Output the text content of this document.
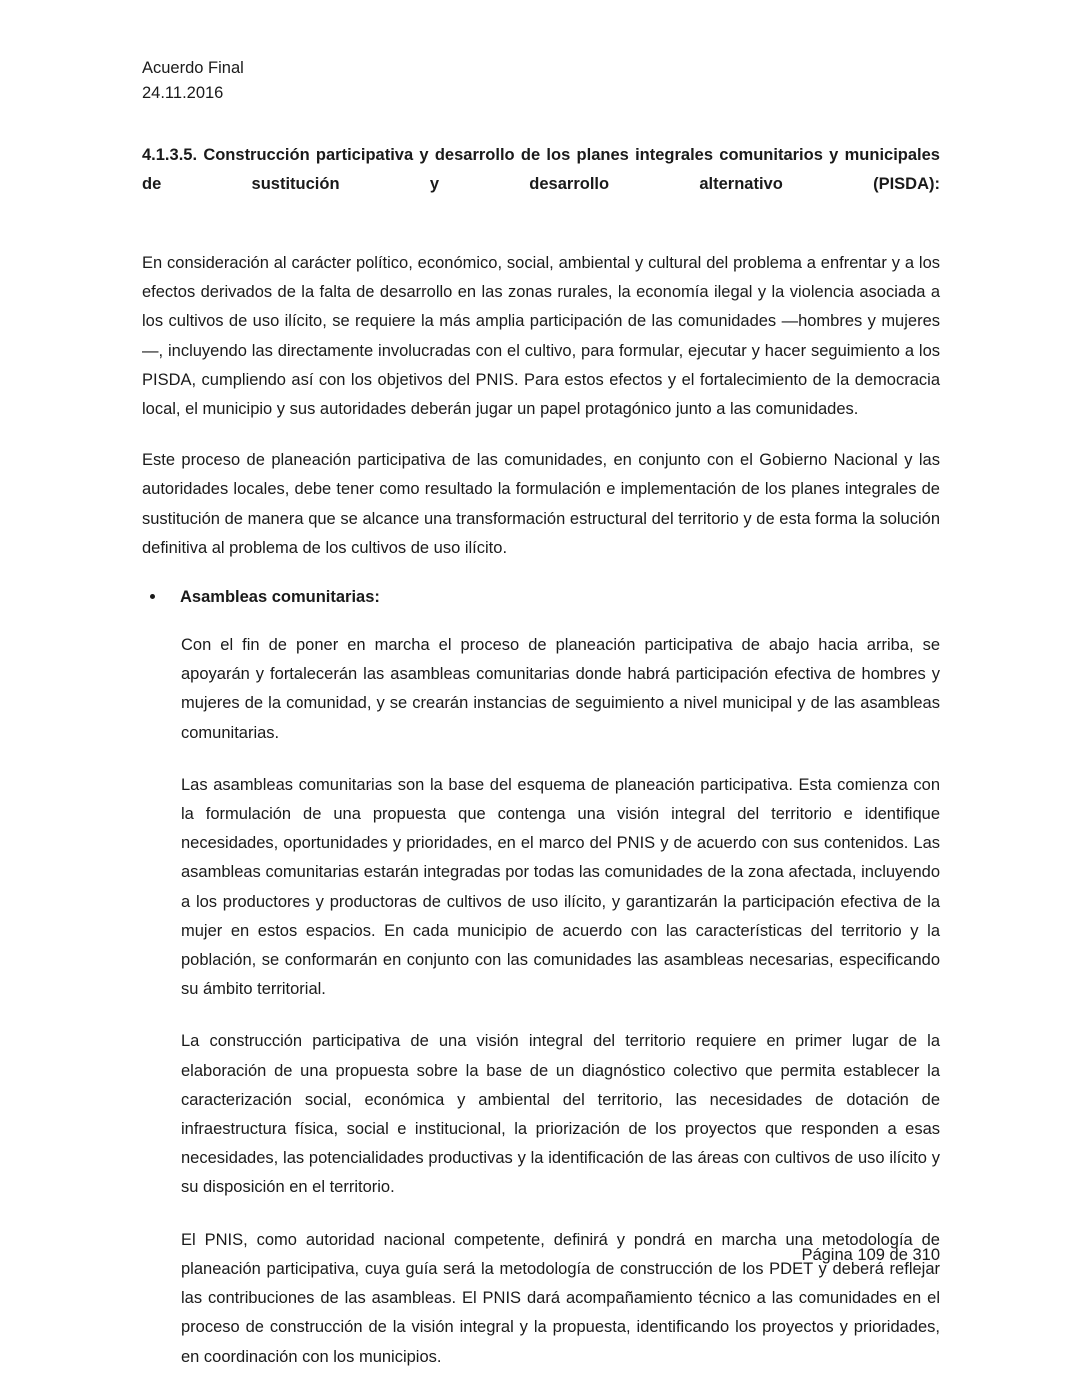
Acuerdo Final
24.11.2016
4.1.3.5. Construcción participativa y desarrollo de los planes integrales comunitarios y municipales de sustitución y desarrollo alternativo (PISDA):

En consideración al carácter político, económico, social, ambiental y cultural del problema a enfrentar y a los efectos derivados de la falta de desarrollo en las zonas rurales, la economía ilegal y la violencia asociada a los cultivos de uso ilícito, se requiere la más amplia participación de las comunidades —hombres y mujeres—, incluyendo las directamente involucradas con el cultivo, para formular, ejecutar y hacer seguimiento a los PISDA, cumpliendo así con los objetivos del PNIS. Para estos efectos y el fortalecimiento de la democracia local, el municipio y sus autoridades deberán jugar un papel protagónico junto a las comunidades.

Este proceso de planeación participativa de las comunidades, en conjunto con el Gobierno Nacional y las autoridades locales, debe tener como resultado la formulación e implementación de los planes integrales de sustitución de manera que se alcance una transformación estructural del territorio y de esta forma la solución definitiva al problema de los cultivos de uso ilícito.

Asambleas comunitarias:

Con el fin de poner en marcha el proceso de planeación participativa de abajo hacia arriba, se apoyarán y fortalecerán las asambleas comunitarias donde habrá participación efectiva de hombres y mujeres de la comunidad, y se crearán instancias de seguimiento a nivel municipal y de las asambleas comunitarias.

Las asambleas comunitarias son la base del esquema de planeación participativa. Esta comienza con la formulación de una propuesta que contenga una visión integral del territorio e identifique necesidades, oportunidades y prioridades, en el marco del PNIS y de acuerdo con sus contenidos. Las asambleas comunitarias estarán integradas por todas las comunidades de la zona afectada, incluyendo a los productores y productoras de cultivos de uso ilícito, y garantizarán la participación efectiva de la mujer en estos espacios. En cada municipio de acuerdo con las características del territorio y la población, se conformarán en conjunto con las comunidades las asambleas necesarias, especificando su ámbito territorial.

La construcción participativa de una visión integral del territorio requiere en primer lugar de la elaboración de una propuesta sobre la base de un diagnóstico colectivo que permita establecer la caracterización social, económica y ambiental del territorio, las necesidades de dotación de infraestructura física, social e institucional, la priorización de los proyectos que responden a esas necesidades, las potencialidades productivas y la identificación de las áreas con cultivos de uso ilícito y su disposición en el territorio.

El PNIS, como autoridad nacional competente, definirá y pondrá en marcha una metodología de planeación participativa, cuya guía será la metodología de construcción de los PDET y deberá reflejar las contribuciones de las asambleas. El PNIS dará acompañamiento técnico a las comunidades en el proceso de construcción de la visión integral y la propuesta, identificando los proyectos y prioridades, en coordinación con los municipios.

Página 109 de 310
